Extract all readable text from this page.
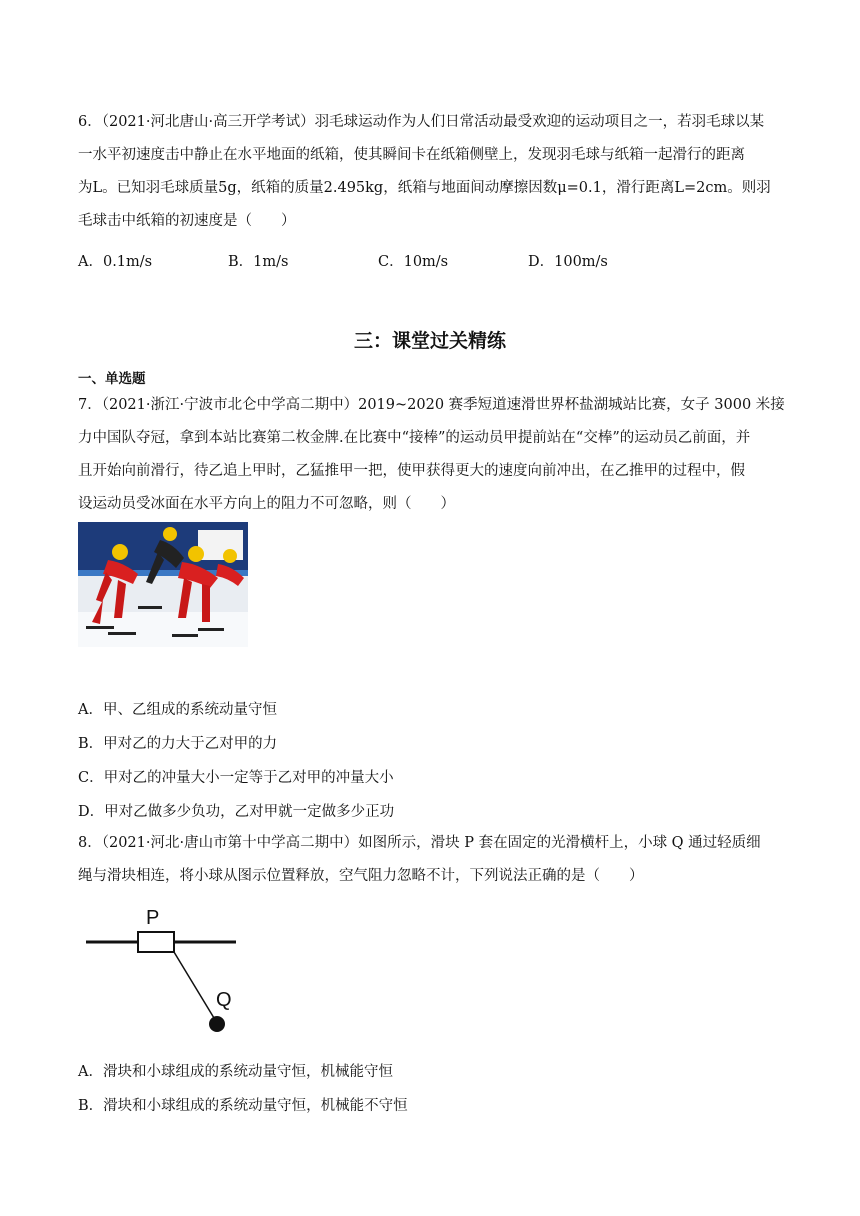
6．（2021·河北唐山·高三开学考试）羽毛球运动作为人们日常活动最受欢迎的运动项目之一，若羽毛球以某
一水平初速度击中静止在水平地面的纸箱，使其瞬间卡在纸箱侧壁上，发现羽毛球与纸箱一起滑行的距离
为L。已知羽毛球质量5g，纸箱的质量2.495kg，纸箱与地面间动摩擦因数μ=0.1，滑行距离L=2cm。则羽
毛球击中纸箱的初速度是（　　）
A．0.1m/s	B．1m/s	C．10m/s	D．100m/s
三：课堂过关精练
一、单选题
7．（2021·浙江·宁波市北仑中学高二期中）2019~2020 赛季短道速滑世界杯盐湖城站比赛，女子 3000 米接
力中国队夺冠，拿到本站比赛第二枚金牌.在比赛中“接棒”的运动员甲提前站在“交棒”的运动员乙前面，并
且开始向前滑行，待乙追上甲时，乙猛推甲一把，使甲获得更大的速度向前冲出，在乙推甲的过程中，假
设运动员受冰面在水平方向上的阻力不可忽略，则（　　）
A．甲、乙组成的系统动量守恒
B．甲对乙的力大于乙对甲的力
C．甲对乙的冲量大小一定等于乙对甲的冲量大小
D．甲对乙做多少负功，乙对甲就一定做多少正功
8．（2021·河北·唐山市第十中学高二期中）如图所示，滑块 P 套在固定的光滑横杆上，小球 Q 通过轻质细
绳与滑块相连，将小球从图示位置释放，空气阻力忽略不计，下列说法正确的是（　　）
P
Q
A．滑块和小球组成的系统动量守恒，机械能守恒
B．滑块和小球组成的系统动量守恒，机械能不守恒
